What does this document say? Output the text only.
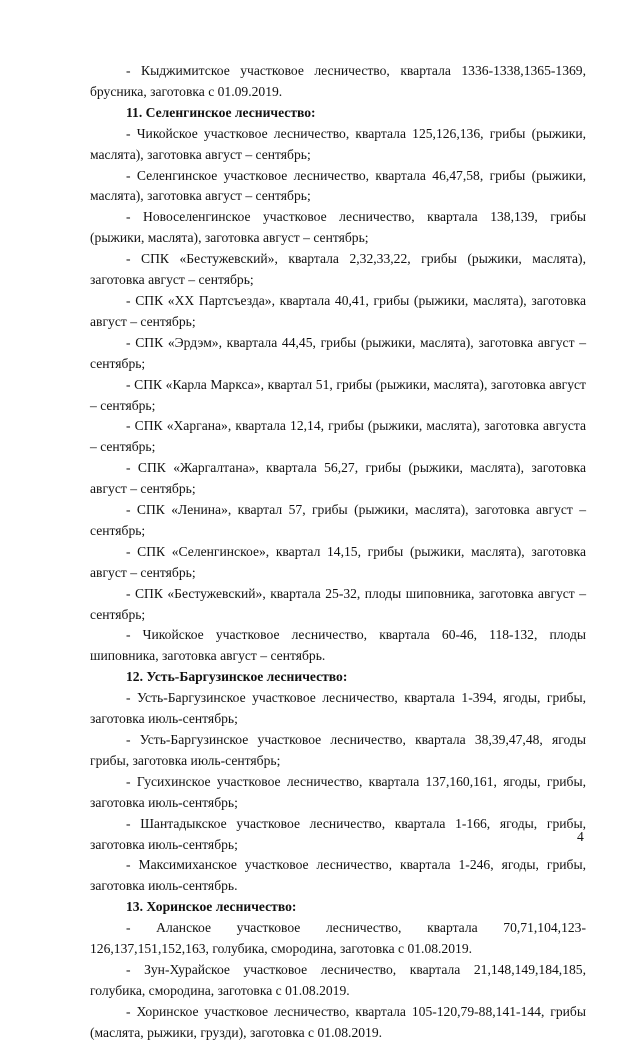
- Кыджимитское участковое лесничество, квартала 1336-1338,1365-1369, брусника, заготовка с 01.09.2019.

11. Селенгинское лесничество:

- Чикойское участковое лесничество, квартала 125,126,136, грибы (рыжики, маслята), заготовка август – сентябрь;

- Селенгинское участковое лесничество, квартала 46,47,58, грибы (рыжики, маслята), заготовка август – сентябрь;

- Новоселенгинское участковое лесничество, квартала 138,139, грибы (рыжики, маслята), заготовка август – сентябрь;

- СПК «Бестужевский», квартала 2,32,33,22, грибы (рыжики, маслята), заготовка август – сентябрь;

- СПК «ХХ Партсъезда», квартала 40,41, грибы (рыжики, маслята), заготовка август – сентябрь;

- СПК «Эрдэм», квартала 44,45, грибы (рыжики, маслята), заготовка август – сентябрь;

- СПК «Карла Маркса», квартал 51, грибы (рыжики, маслята), заготовка август – сентябрь;

- СПК «Харгана», квартала 12,14, грибы (рыжики, маслята), заготовка августа – сентябрь;

- СПК «Жаргалтана», квартала 56,27, грибы (рыжики, маслята), заготовка август – сентябрь;

- СПК «Ленина», квартал 57, грибы (рыжики, маслята), заготовка август – сентябрь;

- СПК «Селенгинское», квартал 14,15, грибы (рыжики, маслята), заготовка август – сентябрь;

- СПК «Бестужевский», квартала 25-32, плоды шиповника, заготовка август – сентябрь;

- Чикойское участковое лесничество, квартала 60-46, 118-132, плоды шиповника, заготовка август – сентябрь.

12. Усть-Баргузинское лесничество:

- Усть-Баргузинское участковое лесничество, квартала 1-394, ягоды, грибы, заготовка июль-сентябрь;

- Усть-Баргузинское участковое лесничество, квартала 38,39,47,48, ягоды грибы, заготовка июль-сентябрь;

- Гусихинское участковое лесничество, квартала 137,160,161, ягоды, грибы, заготовка июль-сентябрь;

- Шантадыкское участковое лесничество, квартала 1-166, ягоды, грибы, заготовка июль-сентябрь;

- Максимиханское участковое лесничество, квартала 1-246, ягоды, грибы, заготовка июль-сентябрь.

13. Хоринское лесничество:

- Аланское участковое лесничество, квартала 70,71,104,123-126,137,151,152,163, голубика, смородина, заготовка с 01.08.2019.

- Зун-Хурайское участковое лесничество, квартала 21,148,149,184,185, голубика, смородина, заготовка с 01.08.2019.

- Хоринское участковое лесничество, квартала 105-120,79-88,141-144, грибы (маслята, рыжики, грузди), заготовка с 01.08.2019.

4
